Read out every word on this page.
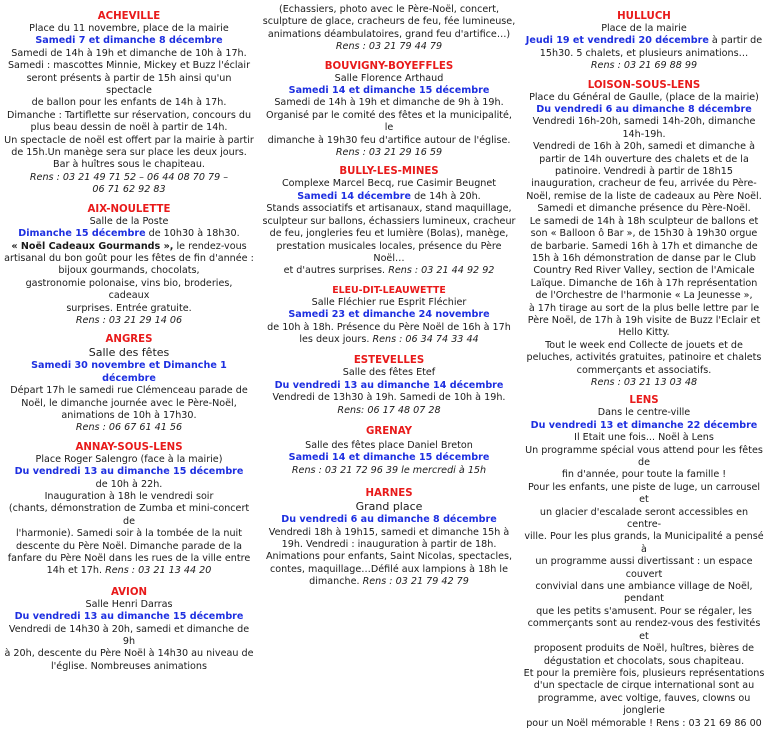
ACHEVILLE

Place du 11 novembre, place de la mairie

Samedi 7 et dimanche 8 décembre

Samedi de 14h à 19h et dimanche de 10h à 17h.

Samedi : mascottes Minnie, Mickey et Buzz l'éclair

seront présents à partir de 15h ainsi qu'un spectacle

de ballon pour les enfants de 14h à 17h.

Dimanche : Tartiflette sur réservation, concours du

plus beau dessin de noël à partir de 14h.

Un spectacle de noël est offert par la mairie à partir

de 15h.Un manège sera sur place les deux jours.

Bar à huîtres sous le chapiteau.

Rens : 03 21 49 71 52 – 06 44 08 70 79 –

06 71 62 92 83

AIX-NOULETTE

Salle de la Poste

Dimanche 15 décembre de 10h30 à 18h30.

« Noël Cadeaux Gourmands », le rendez-vous

artisanal du bon goût pour les fêtes de fin d'année :

bijoux gourmands, chocolats,

gastronomie polonaise, vins bio, broderies, cadeaux

surprises. Entrée gratuite.

Rens : 03 21 29 14 06

ANGRES

Salle des fêtes

Samedi 30 novembre et Dimanche 1 décembre

Départ 17h le samedi rue Clémenceau parade de

Noël, le dimanche journée avec le Père-Noël,

animations de 10h à 17h30.

Rens : 06 67 61 41 56

ANNAY-SOUS-LENS

Place Roger Salengro (face à la mairie)

Du vendredi 13 au dimanche 15 décembre

de 10h à 22h.

Inauguration à 18h le vendredi soir

(chants, démonstration de Zumba et mini-concert de

l'harmonie). Samedi soir à la tombée de la nuit

descente du Père Noël. Dimanche parade de la

fanfare du Père Noël dans les rues de la ville entre

14h et 17h. Rens : 03 21 13 44 20

AVION

Salle Henri Darras

Du vendredi 13 au dimanche 15 décembre

Vendredi de 14h30 à 20h, samedi et dimanche de 9h

à 20h, descente du Père Noël à 14h30 au niveau de

l'église. Nombreuses animations

(Echassiers, photo avec le Père-Noël, concert,

sculpture de glace, cracheurs de feu, fée lumineuse,

animations déambulatoires, grand feu d'artifice…)

Rens : 03 21 79 44 79

BOUVIGNY-BOYEFFLES

Salle Florence Arthaud

Samedi 14 et dimanche 15 décembre

Samedi de 14h à 19h et dimanche de 9h à 19h.

Organisé par le comité des fêtes et la municipalité, le

dimanche à 19h30 feu d'artifice autour de l'église.

Rens : 03 21 29 16 59

BULLY-LES-MINES

Complexe Marcel Becq, rue Casimir Beugnet

Samedi 14 décembre de 14h à 20h.

Stands associatifs et artisanaux, stand maquillage,

sculpteur sur ballons, échassiers lumineux, cracheur

de feu, jongleries feu et lumière (Bolas), manège,

prestation musicales locales, présence du Père Noël…

et d'autres surprises. Rens : 03 21 44 92 92

ELEU-DIT-LEAUWETTE

Salle Fléchier rue Esprit Fléchier

Samedi 23 et dimanche 24 novembre

de 10h à 18h. Présence du Père Noël de 16h à 17h

les deux jours. Rens : 06 34 74 33 44

ESTEVELLES

Salle des fêtes Etef

Du vendredi 13 au dimanche 14 décembre

Vendredi de 13h30 à 19h. Samedi de 10h à 19h.

Rens: 06 17 48 07 28

GRENAY

Salle des fêtes place Daniel Breton

Samedi 14 et dimanche 15 décembre

Rens : 03 21 72 96 39 le mercredi à 15h

HARNES

Grand place

Du vendredi 6 au dimanche 8 décembre

Vendredi 18h à 19h15, samedi et dimanche 15h à

19h. Vendredi : inauguration à partir de 18h.

Animations pour enfants, Saint Nicolas, spectacles,

contes, maquillage…Défilé aux lampions à 18h le

dimanche. Rens : 03 21 79 42 79

HULLUCH

Place de la mairie

Jeudi 19 et vendredi 20 décembre à partir de

15h30. 5 chalets, et plusieurs animations…

Rens : 03 21 69 88 99

LOISON-SOUS-LENS

Place du Général de Gaulle, (place de la mairie)

Du vendredi 6 au dimanche 8 décembre

Vendredi 16h-20h, samedi 14h-20h, dimanche

14h-19h.

Vendredi de 16h à 20h, samedi et dimanche à

partir de 14h ouverture des chalets et de la

patinoire. Vendredi à partir de 18h15

inauguration, cracheur de feu, arrivée du Père-

Noël, remise de la liste de cadeaux au Père Noël.

Samedi et dimanche présence du Père-Noël.

Le samedi de 14h à 18h sculpteur de ballons et

son « Balloon ô Bar », de 15h30 à 19h30 orgue

de barbarie. Samedi 16h à 17h et dimanche de

15h à 16h démonstration de danse par le Club

Country Red River Valley, section de l'Amicale

Laïque. Dimanche de 16h à 17h représentation

de l'Orchestre de l'harmonie « La Jeunesse »,

à 17h tirage au sort de la plus belle lettre par le

Père Noël, de 17h à 19h visite de Buzz l'Eclair et

Hello Kitty.

Tout le week end Collecte de jouets et de

peluches, activités gratuites, patinoire et chalets

commerçants et associatifs.

Rens : 03 21 13 03 48

LENS

Dans le centre-ville

Du vendredi 13 et dimanche 22 décembre

Il Etait une fois... Noël à Lens

Un programme spécial vous attend pour les fêtes de

fin d'année, pour toute la famille !

Pour les enfants, une piste de luge, un carrousel et

un glacier d'escalade seront accessibles en centre-

ville. Pour les plus grands, la Municipalité a pensé à

un programme aussi divertissant : un espace couvert

convivial dans une ambiance village de Noël, pendant

que les petits s'amusent. Pour se régaler, les

commerçants sont au rendez-vous des festivités et

proposent produits de Noël, huîtres, bières de

dégustation et chocolats, sous chapiteau.

Et pour la première fois, plusieurs représentations

d'un spectacle de cirque international sont au

programme, avec voltige, fauves, clowns ou jonglerie

pour un Noël mémorable ! Rens : 03 21 69 86 00
